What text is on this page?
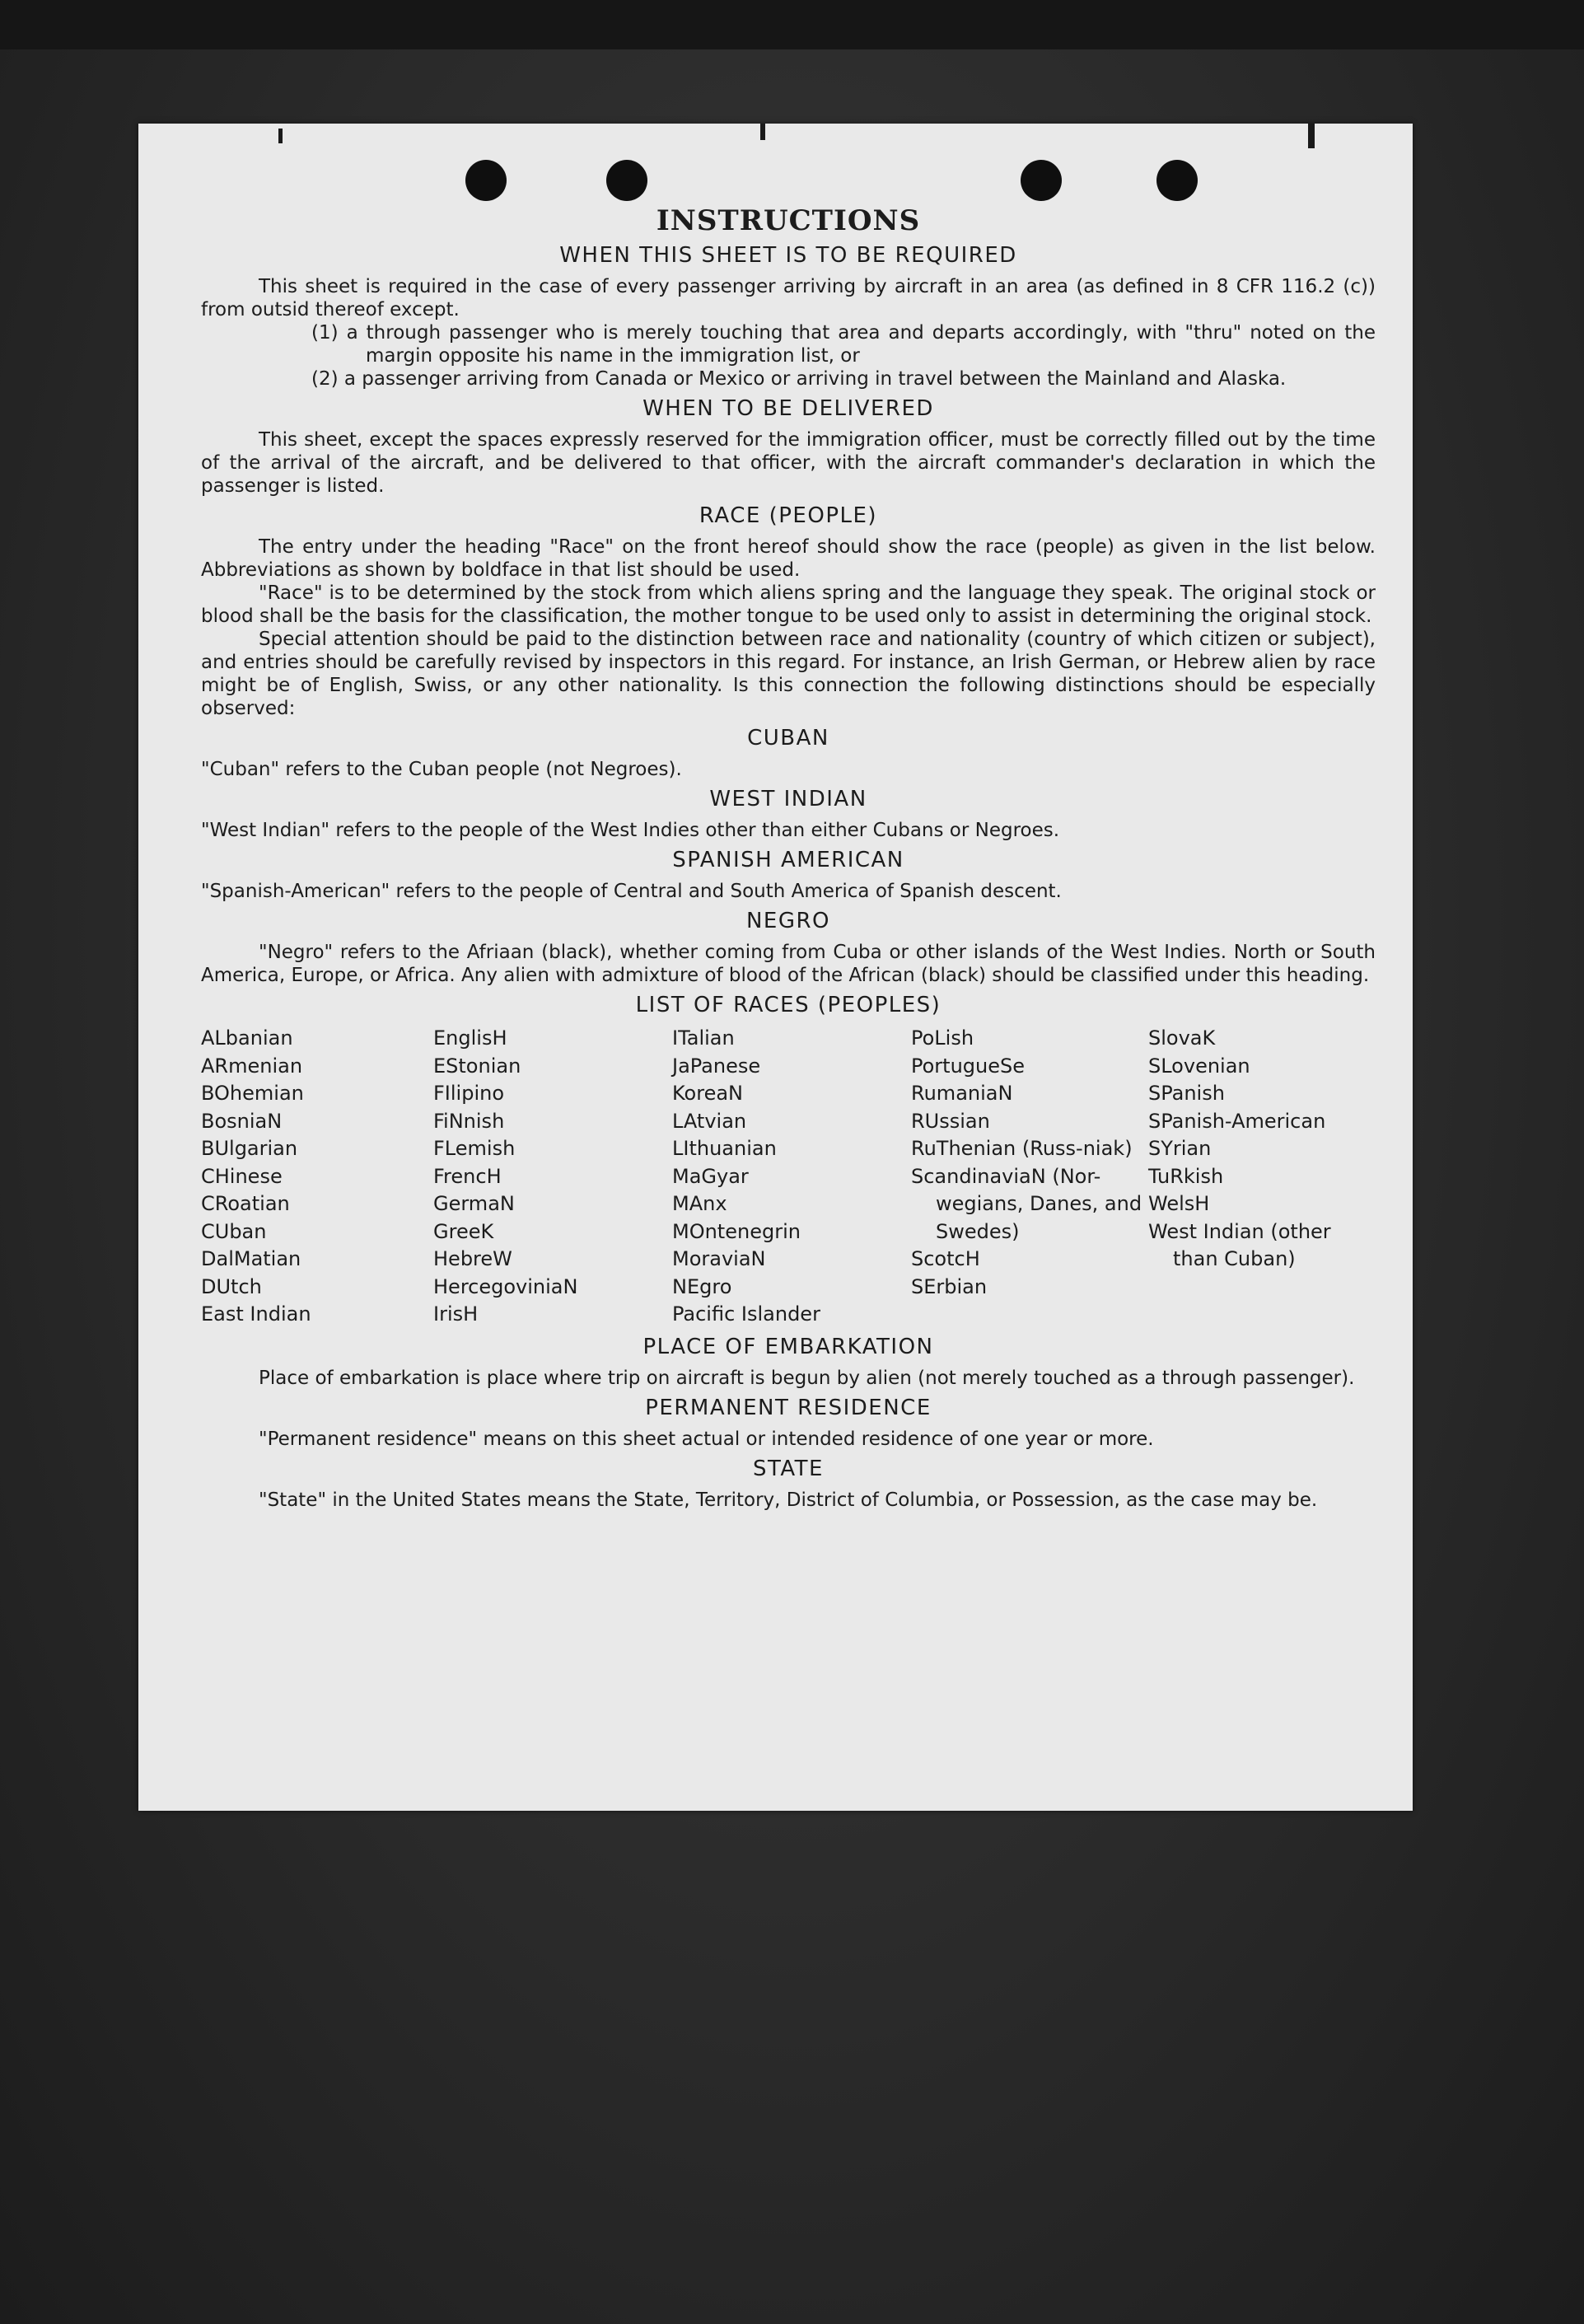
INSTRUCTIONS
WHEN THIS SHEET IS TO BE REQUIRED

This sheet is required in the case of every passenger arriving by aircraft in an area (as defined in 8 CFR 116.2 (c)) from outsid thereof except.

(1) a through passenger who is merely touching that area and departs accordingly, with "thru" noted on the margin opposite his name in the immigration list, or

(2) a passenger arriving from Canada or Mexico or arriving in travel between the Mainland and Alaska.

WHEN TO BE DELIVERED

This sheet, except the spaces expressly reserved for the immigration officer, must be correctly filled out by the time of the arrival of the aircraft, and be delivered to that officer, with the aircraft commander's declaration in which the passenger is listed.

RACE (PEOPLE)

The entry under the heading "Race" on the front hereof should show the race (people) as given in the list below. Abbreviations as shown by boldface in that list should be used.

"Race" is to be determined by the stock from which aliens spring and the language they speak. The original stock or blood shall be the basis for the classification, the mother tongue to be used only to assist in determining the original stock.

Special attention should be paid to the distinction between race and nationality (country of which citizen or subject), and entries should be carefully revised by inspectors in this regard. For instance, an Irish German, or Hebrew alien by race might be of English, Swiss, or any other nationality. Is this connection the following distinctions should be especially observed:

CUBAN

"Cuban" refers to the Cuban people (not Negroes).

WEST INDIAN

"West Indian" refers to the people of the West Indies other than either Cubans or Negroes.

SPANISH AMERICAN

"Spanish-American" refers to the people of Central and South America of Spanish descent.

NEGRO

"Negro" refers to the Afriaan (black), whether coming from Cuba or other islands of the West Indies. North or South America, Europe, or Africa. Any alien with admixture of blood of the African (black) should be classified under this heading.

LIST OF RACES (PEOPLES)
ALbanian
ARmenian
BOhemian
BosniaN
BUlgarian
CHinese
CRoatian
CUban
DalMatian
DUtch
East Indian
EnglisH
EStonian
FIlipino
FiNnish
FLemish
FrencH
GermaN
GreeK
HebreW
HercegoviniaN
IrisH
ITalian
JaPanese
KoreaN
LAtvian
LIthuanian
MaGyar
MAnx
MOntenegrin
MoraviaN
NEgro
Pacific Islander
PoLish
PortugueSe
RumaniaN
RUssian
RuThenian (Russ-niak)
ScandinaviaN (Nor-wegians, Danes, and Swedes)
ScotcH
SErbian
SlovaK
SLovenian
SPanish
SPanish-American
SYrian
TuRkish
WelsH
West Indian (other than Cuban)
PLACE OF EMBARKATION

Place of embarkation is place where trip on aircraft is begun by alien (not merely touched as a through passenger).

PERMANENT RESIDENCE

"Permanent residence" means on this sheet actual or intended residence of one year or more.

STATE

"State" in the United States means the State, Territory, District of Columbia, or Possession, as the case may be.
